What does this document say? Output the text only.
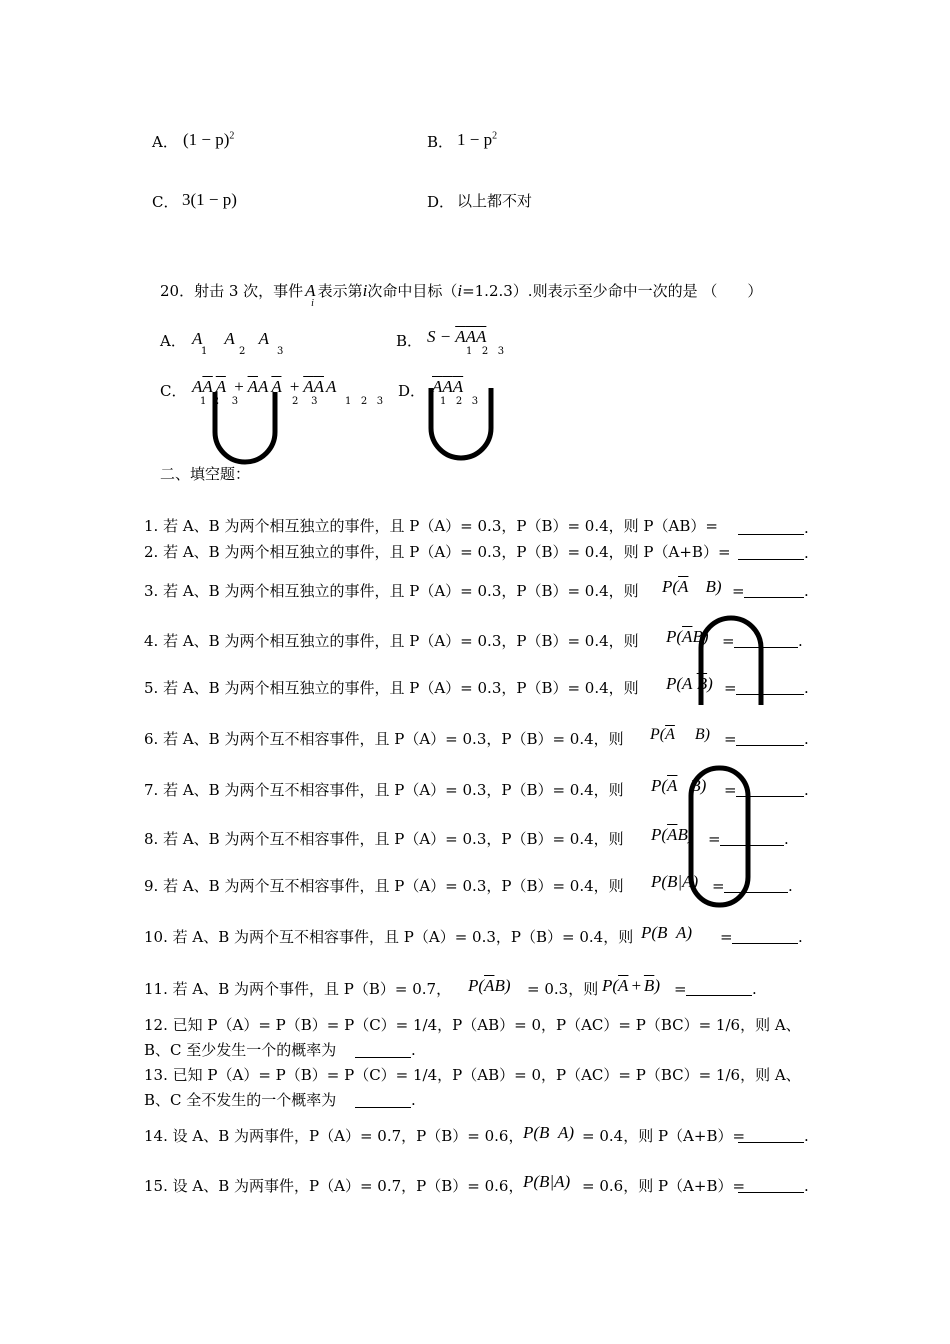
A． $(1 - p)^2$	B． $1 - p^2$
C． 3(1 − p)	D． 以上都不对
20．射击 3 次，事件 A
i
表示第i次命中目标（i=1.2.3）.则表示至少命中一次的是 （　　）
A． A A A
1	2	3
B． S − AAA
1   2   3
C． $A\overline{A}$ $\overline{A} + \overline{A}A$ $\overline{A} + \overline{A}\overline{A}$ A
1  2    3	2    3	1   2   3
D． AAA
1   2   3
二、填空题：
1. 若 A、B 为两个相互独立的事件，且 P（A）= 0.3，P（B）= 0.4，则 P（AB）=	.
2. 若 A、B 为两个相互独立的事件，且 P（A）= 0.3，P（B）= 0.4，则 P（A+B）=	.
3. 若 A、B 为两个相互独立的事件，且 P（A）= 0.3，P（B）= 0.4，则 $P(\overline{A}$ B) =	.
4. 若 A、B 为两个相互独立的事件，且 P（A）= 0.3，P（B）= 0.4，则 $P(\overline{A}B)$ =	.
5. 若 A、B 为两个相互独立的事件，且 P（A）= 0.3，P（B）= 0.4，则 P(A $\overline{B}$) =	.
6. 若 A、B 为两个互不相容事件，且 P（A）= 0.3，P（B）= 0.4，则 $P(\overline{A}$ B) =	.
7. 若 A、B 为两个互不相容事件，且 P（A）= 0.3，P（B）= 0.4，则 $P(\overline{A}$ B) =	.
8. 若 A、B 为两个互不相容事件，且 P（A）= 0.3，P（B）= 0.4，则 $P(\overline{A}B)$ =	.
9. 若 A、B 为两个互不相容事件，且 P（A）= 0.3，P（B）= 0.4，则 P(B|A) =	.
10. 若 A、B 为两个互不相容事件，且 P（A）= 0.3，P（B）= 0.4，则 P(B A) =	.
11. 若 A、B 为两个事件，且 P（B）= 0.7， $P(\overline{A}B) = 0.3$，则 $P(\overline{A} + \overline{B})$ =	.
12. 已知 P（A）= P（B）= P（C）= 1/4，P（AB）= 0，P（AC）= P（BC）= 1/6，则 A、
B、C 至少发生一个的概率为	.
13. 已知 P（A）= P（B）= P（C）= 1/4，P（AB）= 0，P（AC）= P（BC）= 1/6，则 A、
B、C 全不发生的一个概率为	.
14. 设 A、B 为两事件，P（A）= 0.7，P（B）= 0.6， P(B A) = 0.4，则 P（A+B）=	.
15. 设 A、B 为两事件，P（A）= 0.7，P（B）= 0.6， P(B|A) = 0.6，则 P（A+B）=	.
